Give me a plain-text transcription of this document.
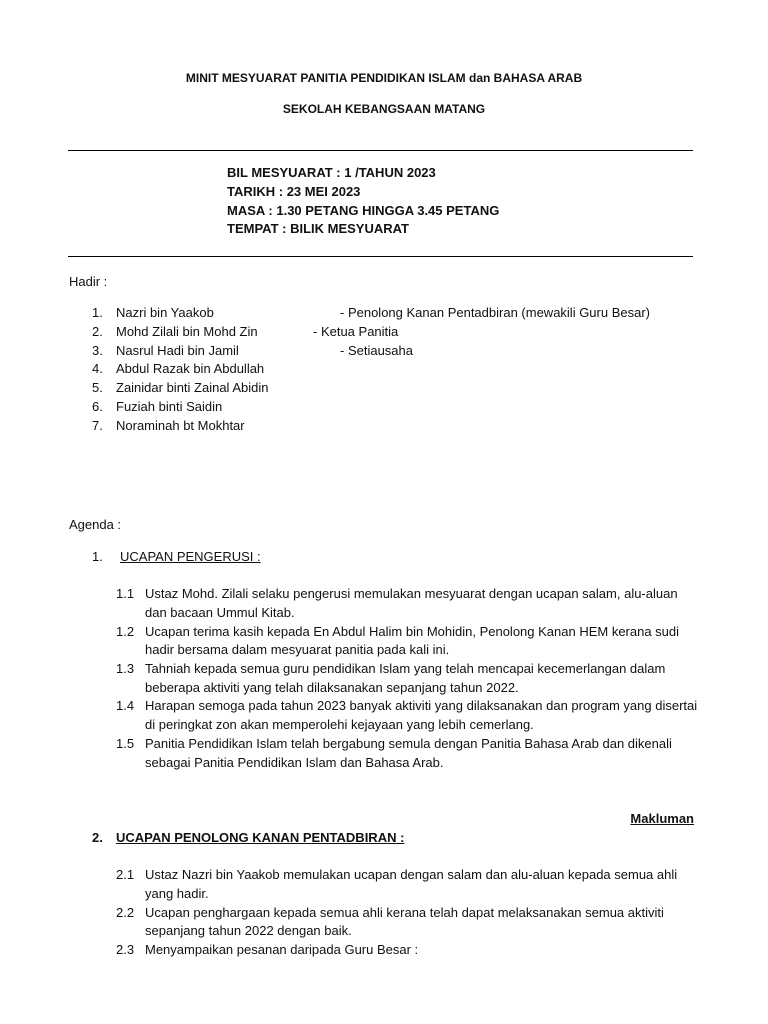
MINIT MESYUARAT PANITIA PENDIDIKAN ISLAM dan BAHASA ARAB
SEKOLAH KEBANGSAAN MATANG
BIL MESYUARAT : 1 /TAHUN 2023
TARIKH : 23 MEI 2023
MASA : 1.30 PETANG HINGGA 3.45 PETANG
TEMPAT : BILIK MESYUARAT
Hadir :
1. Nazri bin Yaakob	- Penolong Kanan Pentadbiran (mewakili Guru Besar)
2. Mohd Zilali bin Mohd Zin	- Ketua Panitia
3. Nasrul Hadi bin Jamil	- Setiausaha
4. Abdul Razak bin Abdullah
5. Zainidar binti Zainal Abidin
6. Fuziah binti Saidin
7. Noraminah bt Mokhtar
Agenda :
1. UCAPAN PENGERUSI :
1.1 Ustaz Mohd. Zilali selaku pengerusi memulakan mesyuarat dengan ucapan salam, alu-aluan
dan bacaan Ummul Kitab.
1.2 Ucapan terima kasih kepada En Abdul Halim bin Mohidin, Penolong Kanan HEM kerana sudi
hadir bersama dalam mesyuarat panitia pada kali ini.
1.3 Tahniah kepada semua guru pendidikan Islam yang telah mencapai kecemerlangan dalam
beberapa aktiviti yang telah dilaksanakan sepanjang tahun 2022.
1.4 Harapan semoga pada tahun 2023 banyak aktiviti yang dilaksanakan dan program yang disertai
di peringkat zon akan memperolehi kejayaan yang lebih cemerlang.
1.5 Panitia Pendidikan Islam telah bergabung semula dengan Panitia Bahasa Arab dan dikenali
sebagai Panitia Pendidikan Islam dan Bahasa Arab.
Makluman
2. UCAPAN PENOLONG KANAN PENTADBIRAN :
2.1 Ustaz Nazri bin Yaakob memulakan ucapan dengan salam dan alu-aluan kepada semua ahli
yang hadir.
2.2 Ucapan penghargaan kepada semua ahli kerana telah dapat melaksanakan semua aktiviti
sepanjang tahun 2022 dengan baik.
2.3 Menyampaikan pesanan daripada Guru Besar :
